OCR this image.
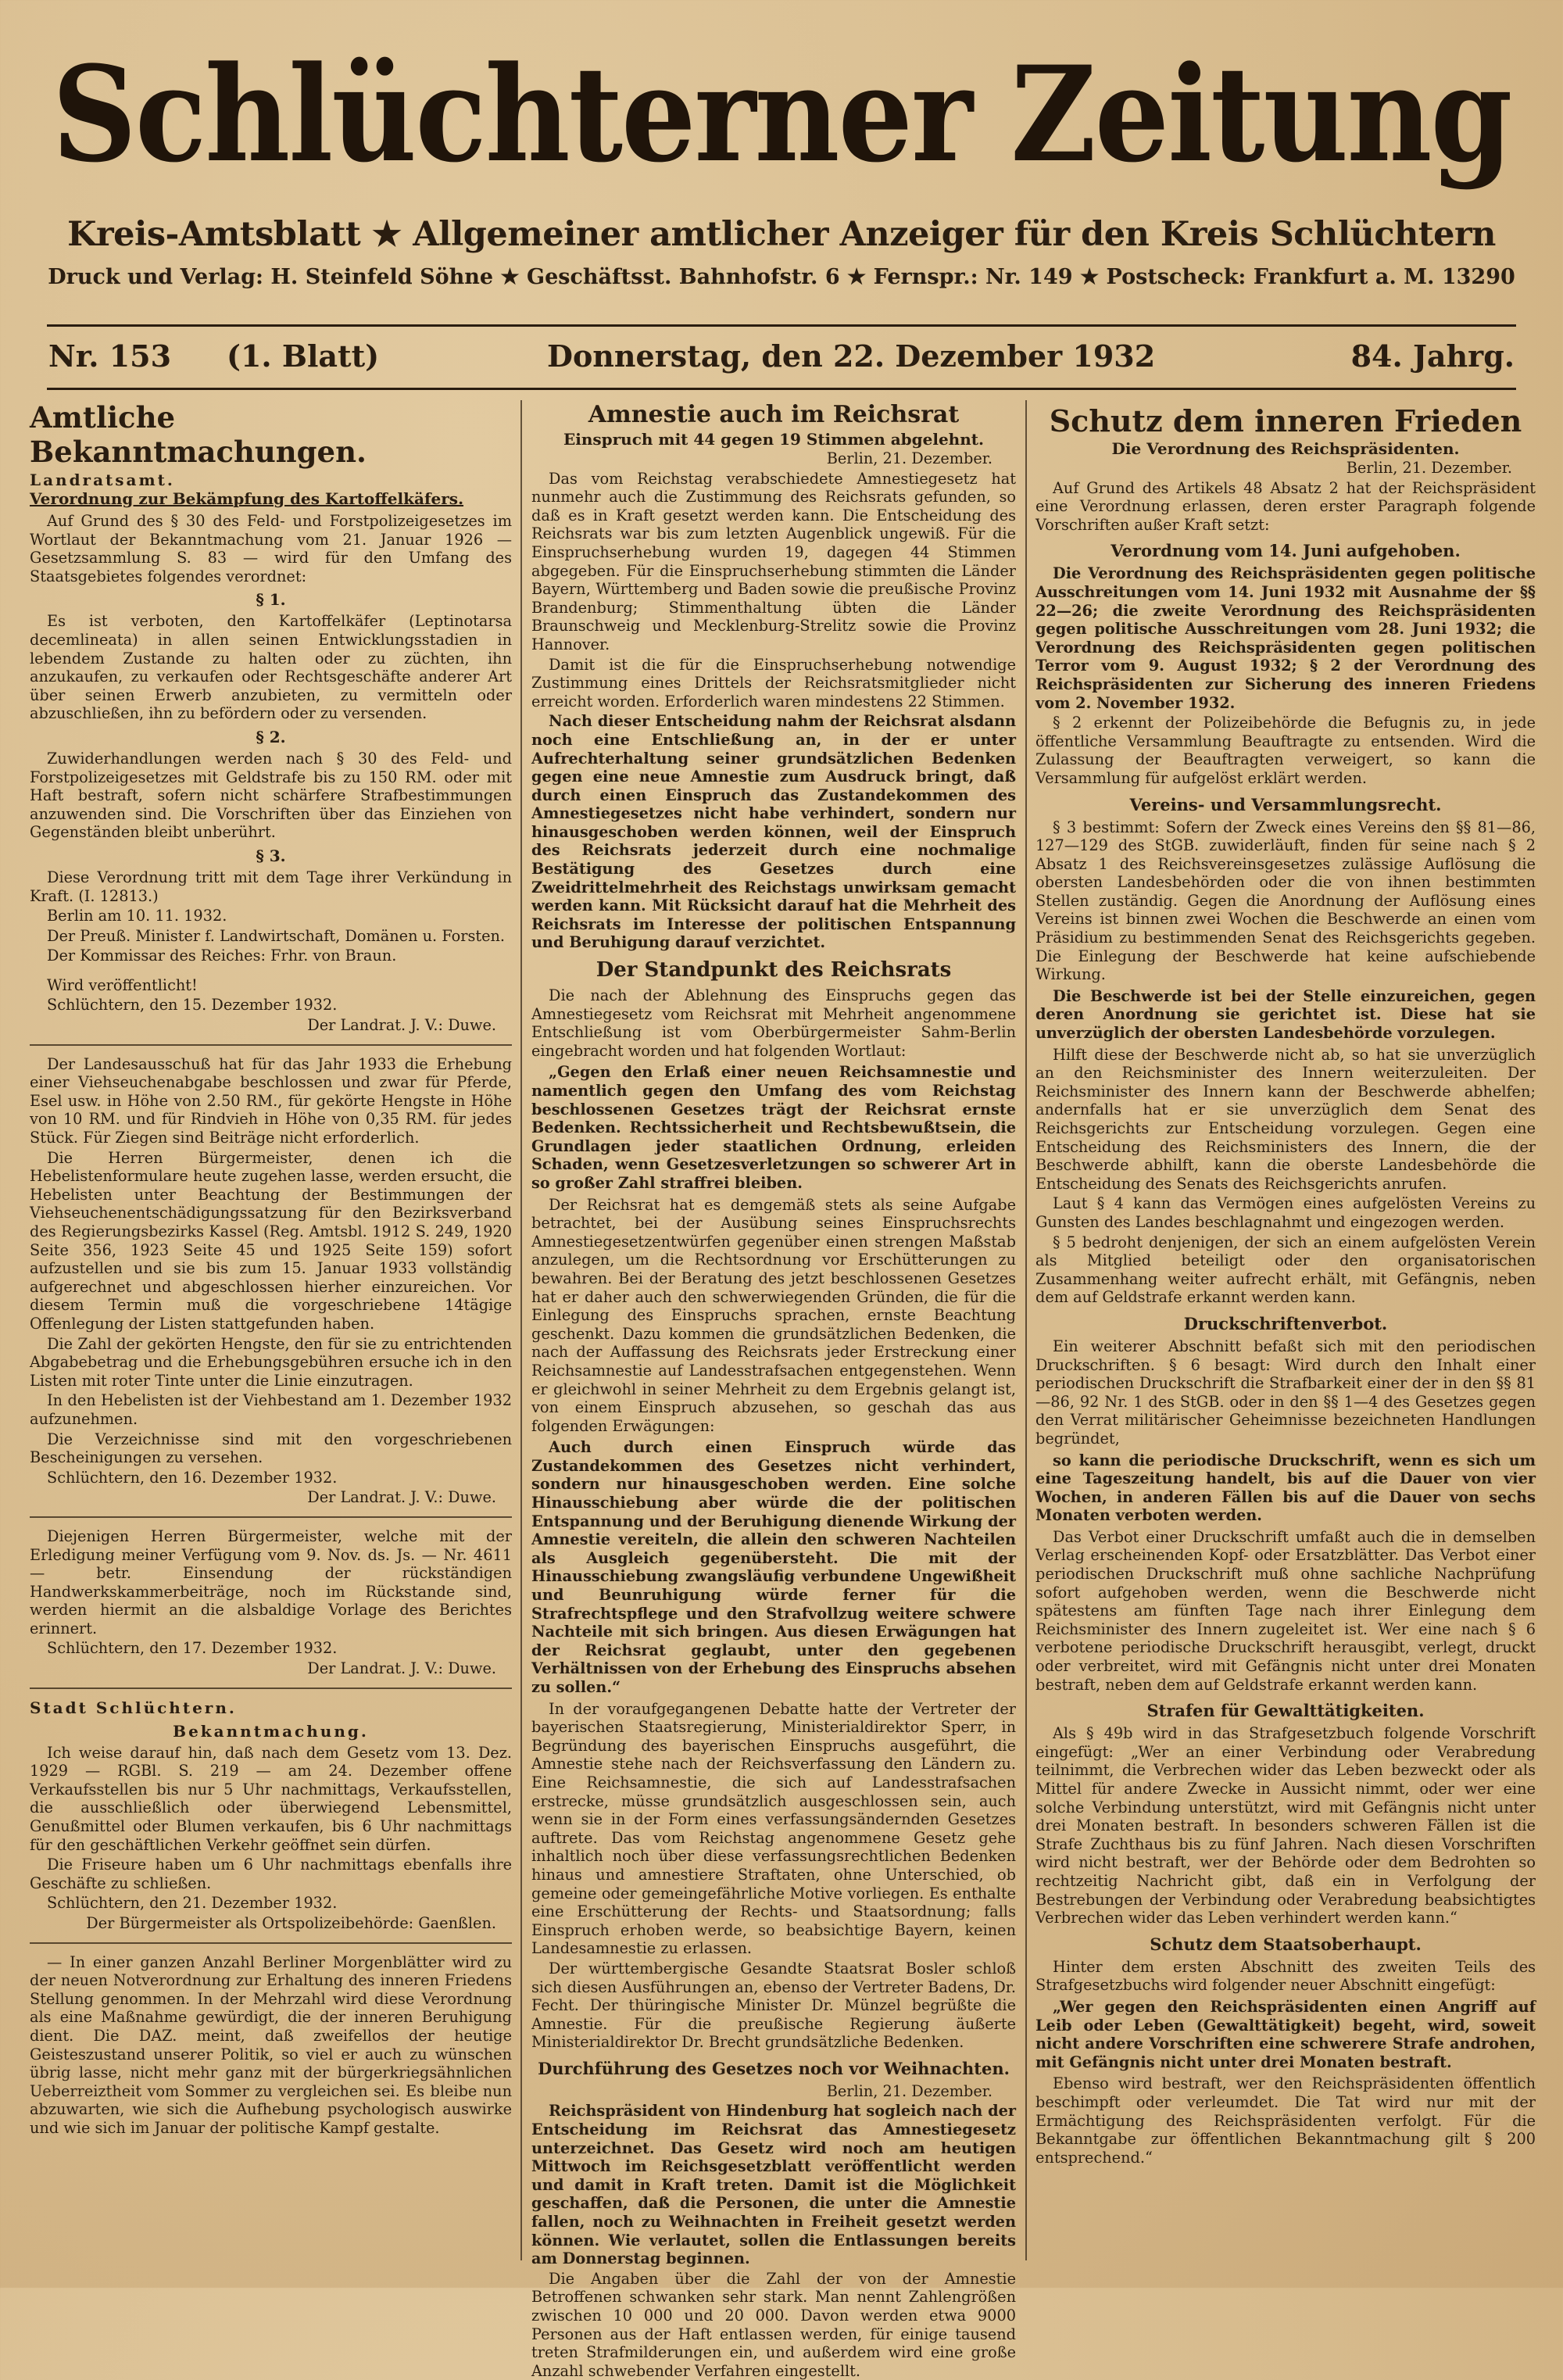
Schlüchterner Zeitung
Kreis-Amtsblatt ★ Allgemeiner amtlicher Anzeiger für den Kreis Schlüchtern
Druck und Verlag: H. Steinfeld Söhne ★ Geschäftsst. Bahnhofstr. 6 ★ Fernspr.: Nr. 149 ★ Postscheck: Frankfurt a. M. 13290
Nr. 153 (1. Blatt)	Donnerstag, den 22. Dezember 1932	84. Jahrg.
Amtliche Bekanntmachungen.
Landratsamt.
Verordnung zur Bekämpfung des Kartoffelkäfers.

Auf Grund des § 30 des Feld- und Forstpolizeigesetzes im Wortlaut der Bekanntmachung vom 21. Januar 1926 — Gesetzsammlung S. 83 — wird für den Umfang des Staatsgebietes folgendes verordnet:

§ 1.

Es ist verboten, den Kartoffelkäfer (Leptinotarsa decemlineata) in allen seinen Entwicklungsstadien in lebendem Zustande zu halten oder zu züchten, ihn anzukaufen, zu verkaufen oder Rechtsgeschäfte anderer Art über seinen Erwerb anzubieten, zu vermitteln oder abzuschließen, ihn zu befördern oder zu versenden.

§ 2.

Zuwiderhandlungen werden nach § 30 des Feld- und Forstpolizeigesetzes mit Geldstrafe bis zu 150 RM. oder mit Haft bestraft, sofern nicht schärfere Strafbestimmungen anzuwenden sind. Die Vorschriften über das Einziehen von Gegenständen bleibt unberührt.

§ 3.

Diese Verordnung tritt mit dem Tage ihrer Verkündung in Kraft. (I. 12813.)

Berlin am 10. 11. 1932.

Der Preuß. Minister f. Landwirtschaft, Domänen u. Forsten.

Der Kommissar des Reiches: Frhr. von Braun.

Wird veröffentlicht!

Schlüchtern, den 15. Dezember 1932.

Der Landrat. J. V.: Duwe.

Der Landesausschuß hat für das Jahr 1933 die Erhebung einer Viehseuchenabgabe beschlossen und zwar für Pferde, Esel usw. in Höhe von 2.50 RM., für gekörte Hengste in Höhe von 10 RM. und für Rindvieh in Höhe von 0,35 RM. für jedes Stück. Für Ziegen sind Beiträge nicht erforderlich.

Die Herren Bürgermeister, denen ich die Hebelistenformulare heute zugehen lasse, werden ersucht, die Hebelisten unter Beachtung der Bestimmungen der Viehseuchenentschädigungssatzung für den Bezirksverband des Regierungsbezirks Kassel (Reg. Amtsbl. 1912 S. 249, 1920 Seite 356, 1923 Seite 45 und 1925 Seite 159) sofort aufzustellen und sie bis zum 15. Januar 1933 vollständig aufgerechnet und abgeschlossen hierher einzureichen. Vor diesem Termin muß die vorgeschriebene 14tägige Offenlegung der Listen stattgefunden haben.

Die Zahl der gekörten Hengste, den für sie zu entrichtenden Abgabebetrag und die Erhebungsgebühren ersuche ich in den Listen mit roter Tinte unter die Linie einzutragen.

In den Hebelisten ist der Viehbestand am 1. Dezember 1932 aufzunehmen.

Die Verzeichnisse sind mit den vorgeschriebenen Bescheinigungen zu versehen.

Schlüchtern, den 16. Dezember 1932.

Der Landrat. J. V.: Duwe.

Diejenigen Herren Bürgermeister, welche mit der Erledigung meiner Verfügung vom 9. Nov. ds. Js. — Nr. 4611 — betr. Einsendung der rückständigen Handwerkskammerbeiträge, noch im Rückstande sind, werden hiermit an die alsbaldige Vorlage des Berichtes erinnert.

Schlüchtern, den 17. Dezember 1932.

Der Landrat. J. V.: Duwe.
Stadt Schlüchtern.
Bekanntmachung.

Ich weise darauf hin, daß nach dem Gesetz vom 13. Dez. 1929 — RGBl. S. 219 — am 24. Dezember offene Verkaufsstellen bis nur 5 Uhr nachmittags, Verkaufsstellen, die ausschließlich oder überwiegend Lebensmittel, Genußmittel oder Blumen verkaufen, bis 6 Uhr nachmittags für den geschäftlichen Verkehr geöffnet sein dürfen.

Die Friseure haben um 6 Uhr nachmittags ebenfalls ihre Geschäfte zu schließen.

Schlüchtern, den 21. Dezember 1932.

Der Bürgermeister als Ortspolizeibehörde: Gaenßlen.

— In einer ganzen Anzahl Berliner Morgenblätter wird zu der neuen Notverordnung zur Erhaltung des inneren Friedens Stellung genommen. In der Mehrzahl wird diese Verordnung als eine Maßnahme gewürdigt, die der inneren Beruhigung dient. Die DAZ. meint, daß zweifellos der heutige Geisteszustand unserer Politik, so viel er auch zu wünschen übrig lasse, nicht mehr ganz mit der bürgerkriegsähnlichen Ueberreiztheit vom Sommer zu vergleichen sei. Es bleibe nun abzuwarten, wie sich die Aufhebung psychologisch auswirke und wie sich im Januar der politische Kampf gestalte.

Amnestie auch im Reichsrat
Einspruch mit 44 gegen 19 Stimmen abgelehnt.

Berlin, 21. Dezember.

Das vom Reichstag verabschiedete Amnestiegesetz hat nunmehr auch die Zustimmung des Reichsrats gefunden, so daß es in Kraft gesetzt werden kann. Die Entscheidung des Reichsrats war bis zum letzten Augenblick ungewiß. Für die Einspruchserhebung wurden 19, dagegen 44 Stimmen abgegeben. Für die Einspruchserhebung stimmten die Länder Bayern, Württemberg und Baden sowie die preußische Provinz Brandenburg; Stimmenthaltung übten die Länder Braunschweig und Mecklenburg-Strelitz sowie die Provinz Hannover.

Damit ist die für die Einspruchserhebung notwendige Zustimmung eines Drittels der Reichsratsmitglieder nicht erreicht worden. Erforderlich waren mindestens 22 Stimmen.

Nach dieser Entscheidung nahm der Reichsrat alsdann noch eine Entschließung an, in der er unter Aufrechterhaltung seiner grundsätzlichen Bedenken gegen eine neue Amnestie zum Ausdruck bringt, daß durch einen Einspruch das Zustandekommen des Amnestiegesetzes nicht habe verhindert, sondern nur hinausgeschoben werden können, weil der Einspruch des Reichsrats jederzeit durch eine nochmalige Bestätigung des Gesetzes durch eine Zweidrittelmehrheit des Reichstags unwirksam gemacht werden kann. Mit Rücksicht darauf hat die Mehrheit des Reichsrats im Interesse der politischen Entspannung und Beruhigung darauf verzichtet.

Der Standpunkt des Reichsrats

Die nach der Ablehnung des Einspruchs gegen das Amnestiegesetz vom Reichsrat mit Mehrheit angenommene Entschließung ist vom Oberbürgermeister Sahm-Berlin eingebracht worden und hat folgenden Wortlaut:

„Gegen den Erlaß einer neuen Reichsamnestie und namentlich gegen den Umfang des vom Reichstag beschlossenen Gesetzes trägt der Reichsrat ernste Bedenken. Rechtssicherheit und Rechtsbewußtsein, die Grundlagen jeder staatlichen Ordnung, erleiden Schaden, wenn Gesetzesverletzungen so schwerer Art in so großer Zahl straffrei bleiben.

Der Reichsrat hat es demgemäß stets als seine Aufgabe betrachtet, bei der Ausübung seines Einspruchsrechts Amnestiegesetzentwürfen gegenüber einen strengen Maßstab anzulegen, um die Rechtsordnung vor Erschütterungen zu bewahren. Bei der Beratung des jetzt beschlossenen Gesetzes hat er daher auch den schwerwiegenden Gründen, die für die Einlegung des Einspruchs sprachen, ernste Beachtung geschenkt. Dazu kommen die grundsätzlichen Bedenken, die nach der Auffassung des Reichsrats jeder Erstreckung einer Reichsamnestie auf Landesstrafsachen entgegenstehen. Wenn er gleichwohl in seiner Mehrheit zu dem Ergebnis gelangt ist, von einem Einspruch abzusehen, so geschah das aus folgenden Erwägungen:

Auch durch einen Einspruch würde das Zustandekommen des Gesetzes nicht verhindert, sondern nur hinausgeschoben werden. Eine solche Hinausschiebung aber würde die der politischen Entspannung und der Beruhigung dienende Wirkung der Amnestie vereiteln, die allein den schweren Nachteilen als Ausgleich gegenübersteht. Die mit der Hinausschiebung zwangsläufig verbundene Ungewißheit und Beunruhigung würde ferner für die Strafrechtspflege und den Strafvollzug weitere schwere Nachteile mit sich bringen. Aus diesen Erwägungen hat der Reichsrat geglaubt, unter den gegebenen Verhältnissen von der Erhebung des Einspruchs absehen zu sollen.“

In der voraufgegangenen Debatte hatte der Vertreter der bayerischen Staatsregierung, Ministerialdirektor Sperr, in Begründung des bayerischen Einspruchs ausgeführt, die Amnestie stehe nach der Reichsverfassung den Ländern zu. Eine Reichsamnestie, die sich auf Landesstrafsachen erstrecke, müsse grundsätzlich ausgeschlossen sein, auch wenn sie in der Form eines verfassungsändernden Gesetzes auftrete. Das vom Reichstag angenommene Gesetz gehe inhaltlich noch über diese verfassungsrechtlichen Bedenken hinaus und amnestiere Straftaten, ohne Unterschied, ob gemeine oder gemeingefährliche Motive vorliegen. Es enthalte eine Erschütterung der Rechts- und Staatsordnung; falls Einspruch erhoben werde, so beabsichtige Bayern, keinen Landesamnestie zu erlassen.

Der württembergische Gesandte Staatsrat Bosler schloß sich diesen Ausführungen an, ebenso der Vertreter Badens, Dr. Fecht. Der thüringische Minister Dr. Münzel begrüßte die Amnestie. Für die preußische Regierung äußerte Ministerialdirektor Dr. Brecht grundsätzliche Bedenken.

Durchführung des Gesetzes noch vor Weihnachten.

Berlin, 21. Dezember.

Reichspräsident von Hindenburg hat sogleich nach der Entscheidung im Reichsrat das Amnestiegesetz unterzeichnet. Das Gesetz wird noch am heutigen Mittwoch im Reichsgesetzblatt veröffentlicht werden und damit in Kraft treten. Damit ist die Möglichkeit geschaffen, daß die Personen, die unter die Amnestie fallen, noch zu Weihnachten in Freiheit gesetzt werden können. Wie verlautet, sollen die Entlassungen bereits am Donnerstag beginnen.

Die Angaben über die Zahl der von der Amnestie Betroffenen schwanken sehr stark. Man nennt Zahlengrößen zwischen 10 000 und 20 000. Davon werden etwa 9000 Personen aus der Haft entlassen werden, für einige tausend treten Strafmilderungen ein, und außerdem wird eine große Anzahl schwebender Verfahren eingestellt.

Schutz dem inneren Frieden
Die Verordnung des Reichspräsidenten.

Berlin, 21. Dezember.

Auf Grund des Artikels 48 Absatz 2 hat der Reichspräsident eine Verordnung erlassen, deren erster Paragraph folgende Vorschriften außer Kraft setzt:

Verordnung vom 14. Juni aufgehoben.

Die Verordnung des Reichspräsidenten gegen politische Ausschreitungen vom 14. Juni 1932 mit Ausnahme der §§ 22—26; die zweite Verordnung des Reichspräsidenten gegen politische Ausschreitungen vom 28. Juni 1932; die Verordnung des Reichspräsidenten gegen politischen Terror vom 9. August 1932; § 2 der Verordnung des Reichspräsidenten zur Sicherung des inneren Friedens vom 2. November 1932.

§ 2 erkennt der Polizeibehörde die Befugnis zu, in jede öffentliche Versammlung Beauftragte zu entsenden. Wird die Zulassung der Beauftragten verweigert, so kann die Versammlung für aufgelöst erklärt werden.

Vereins- und Versammlungsrecht.

§ 3 bestimmt: Sofern der Zweck eines Vereins den §§ 81—86, 127—129 des StGB. zuwiderläuft, finden für seine nach § 2 Absatz 1 des Reichsvereinsgesetzes zulässige Auflösung die obersten Landesbehörden oder die von ihnen bestimmten Stellen zuständig. Gegen die Anordnung der Auflösung eines Vereins ist binnen zwei Wochen die Beschwerde an einen vom Präsidium zu bestimmenden Senat des Reichsgerichts gegeben. Die Einlegung der Beschwerde hat keine aufschiebende Wirkung.

Die Beschwerde ist bei der Stelle einzureichen, gegen deren Anordnung sie gerichtet ist. Diese hat sie unverzüglich der obersten Landesbehörde vorzulegen.

Hilft diese der Beschwerde nicht ab, so hat sie unverzüglich an den Reichsminister des Innern weiterzuleiten. Der Reichsminister des Innern kann der Beschwerde abhelfen; andernfalls hat er sie unverzüglich dem Senat des Reichsgerichts zur Entscheidung vorzulegen. Gegen eine Entscheidung des Reichsministers des Innern, die der Beschwerde abhilft, kann die oberste Landesbehörde die Entscheidung des Senats des Reichsgerichts anrufen.

Laut § 4 kann das Vermögen eines aufgelösten Vereins zu Gunsten des Landes beschlagnahmt und eingezogen werden.

§ 5 bedroht denjenigen, der sich an einem aufgelösten Verein als Mitglied beteiligt oder den organisatorischen Zusammenhang weiter aufrecht erhält, mit Gefängnis, neben dem auf Geldstrafe erkannt werden kann.

Druckschriftenverbot.

Ein weiterer Abschnitt befaßt sich mit den periodischen Druckschriften. § 6 besagt: Wird durch den Inhalt einer periodischen Druckschrift die Strafbarkeit einer der in den §§ 81—86, 92 Nr. 1 des StGB. oder in den §§ 1—4 des Gesetzes gegen den Verrat militärischer Geheimnisse bezeichneten Handlungen begründet,

so kann die periodische Druckschrift, wenn es sich um eine Tageszeitung handelt, bis auf die Dauer von vier Wochen, in anderen Fällen bis auf die Dauer von sechs Monaten verboten werden.

Das Verbot einer Druckschrift umfaßt auch die in demselben Verlag erscheinenden Kopf- oder Ersatzblätter. Das Verbot einer periodischen Druckschrift muß ohne sachliche Nachprüfung sofort aufgehoben werden, wenn die Beschwerde nicht spätestens am fünften Tage nach ihrer Einlegung dem Reichsminister des Innern zugeleitet ist. Wer eine nach § 6 verbotene periodische Druckschrift herausgibt, verlegt, druckt oder verbreitet, wird mit Gefängnis nicht unter drei Monaten bestraft, neben dem auf Geldstrafe erkannt werden kann.

Strafen für Gewalttätigkeiten.

Als § 49b wird in das Strafgesetzbuch folgende Vorschrift eingefügt: „Wer an einer Verbindung oder Verabredung teilnimmt, die Verbrechen wider das Leben bezweckt oder als Mittel für andere Zwecke in Aussicht nimmt, oder wer eine solche Verbindung unterstützt, wird mit Gefängnis nicht unter drei Monaten bestraft. In besonders schweren Fällen ist die Strafe Zuchthaus bis zu fünf Jahren. Nach diesen Vorschriften wird nicht bestraft, wer der Behörde oder dem Bedrohten so rechtzeitig Nachricht gibt, daß ein in Verfolgung der Bestrebungen der Verbindung oder Verabredung beabsichtigtes Verbrechen wider das Leben verhindert werden kann.“

Schutz dem Staatsoberhaupt.

Hinter dem ersten Abschnitt des zweiten Teils des Strafgesetzbuchs wird folgender neuer Abschnitt eingefügt:

„Wer gegen den Reichspräsidenten einen Angriff auf Leib oder Leben (Gewalttätigkeit) begeht, wird, soweit nicht andere Vorschriften eine schwerere Strafe androhen, mit Gefängnis nicht unter drei Monaten bestraft.

Ebenso wird bestraft, wer den Reichspräsidenten öffentlich beschimpft oder verleumdet. Die Tat wird nur mit der Ermächtigung des Reichspräsidenten verfolgt. Für die Bekanntgabe zur öffentlichen Bekanntmachung gilt § 200 entsprechend.“
